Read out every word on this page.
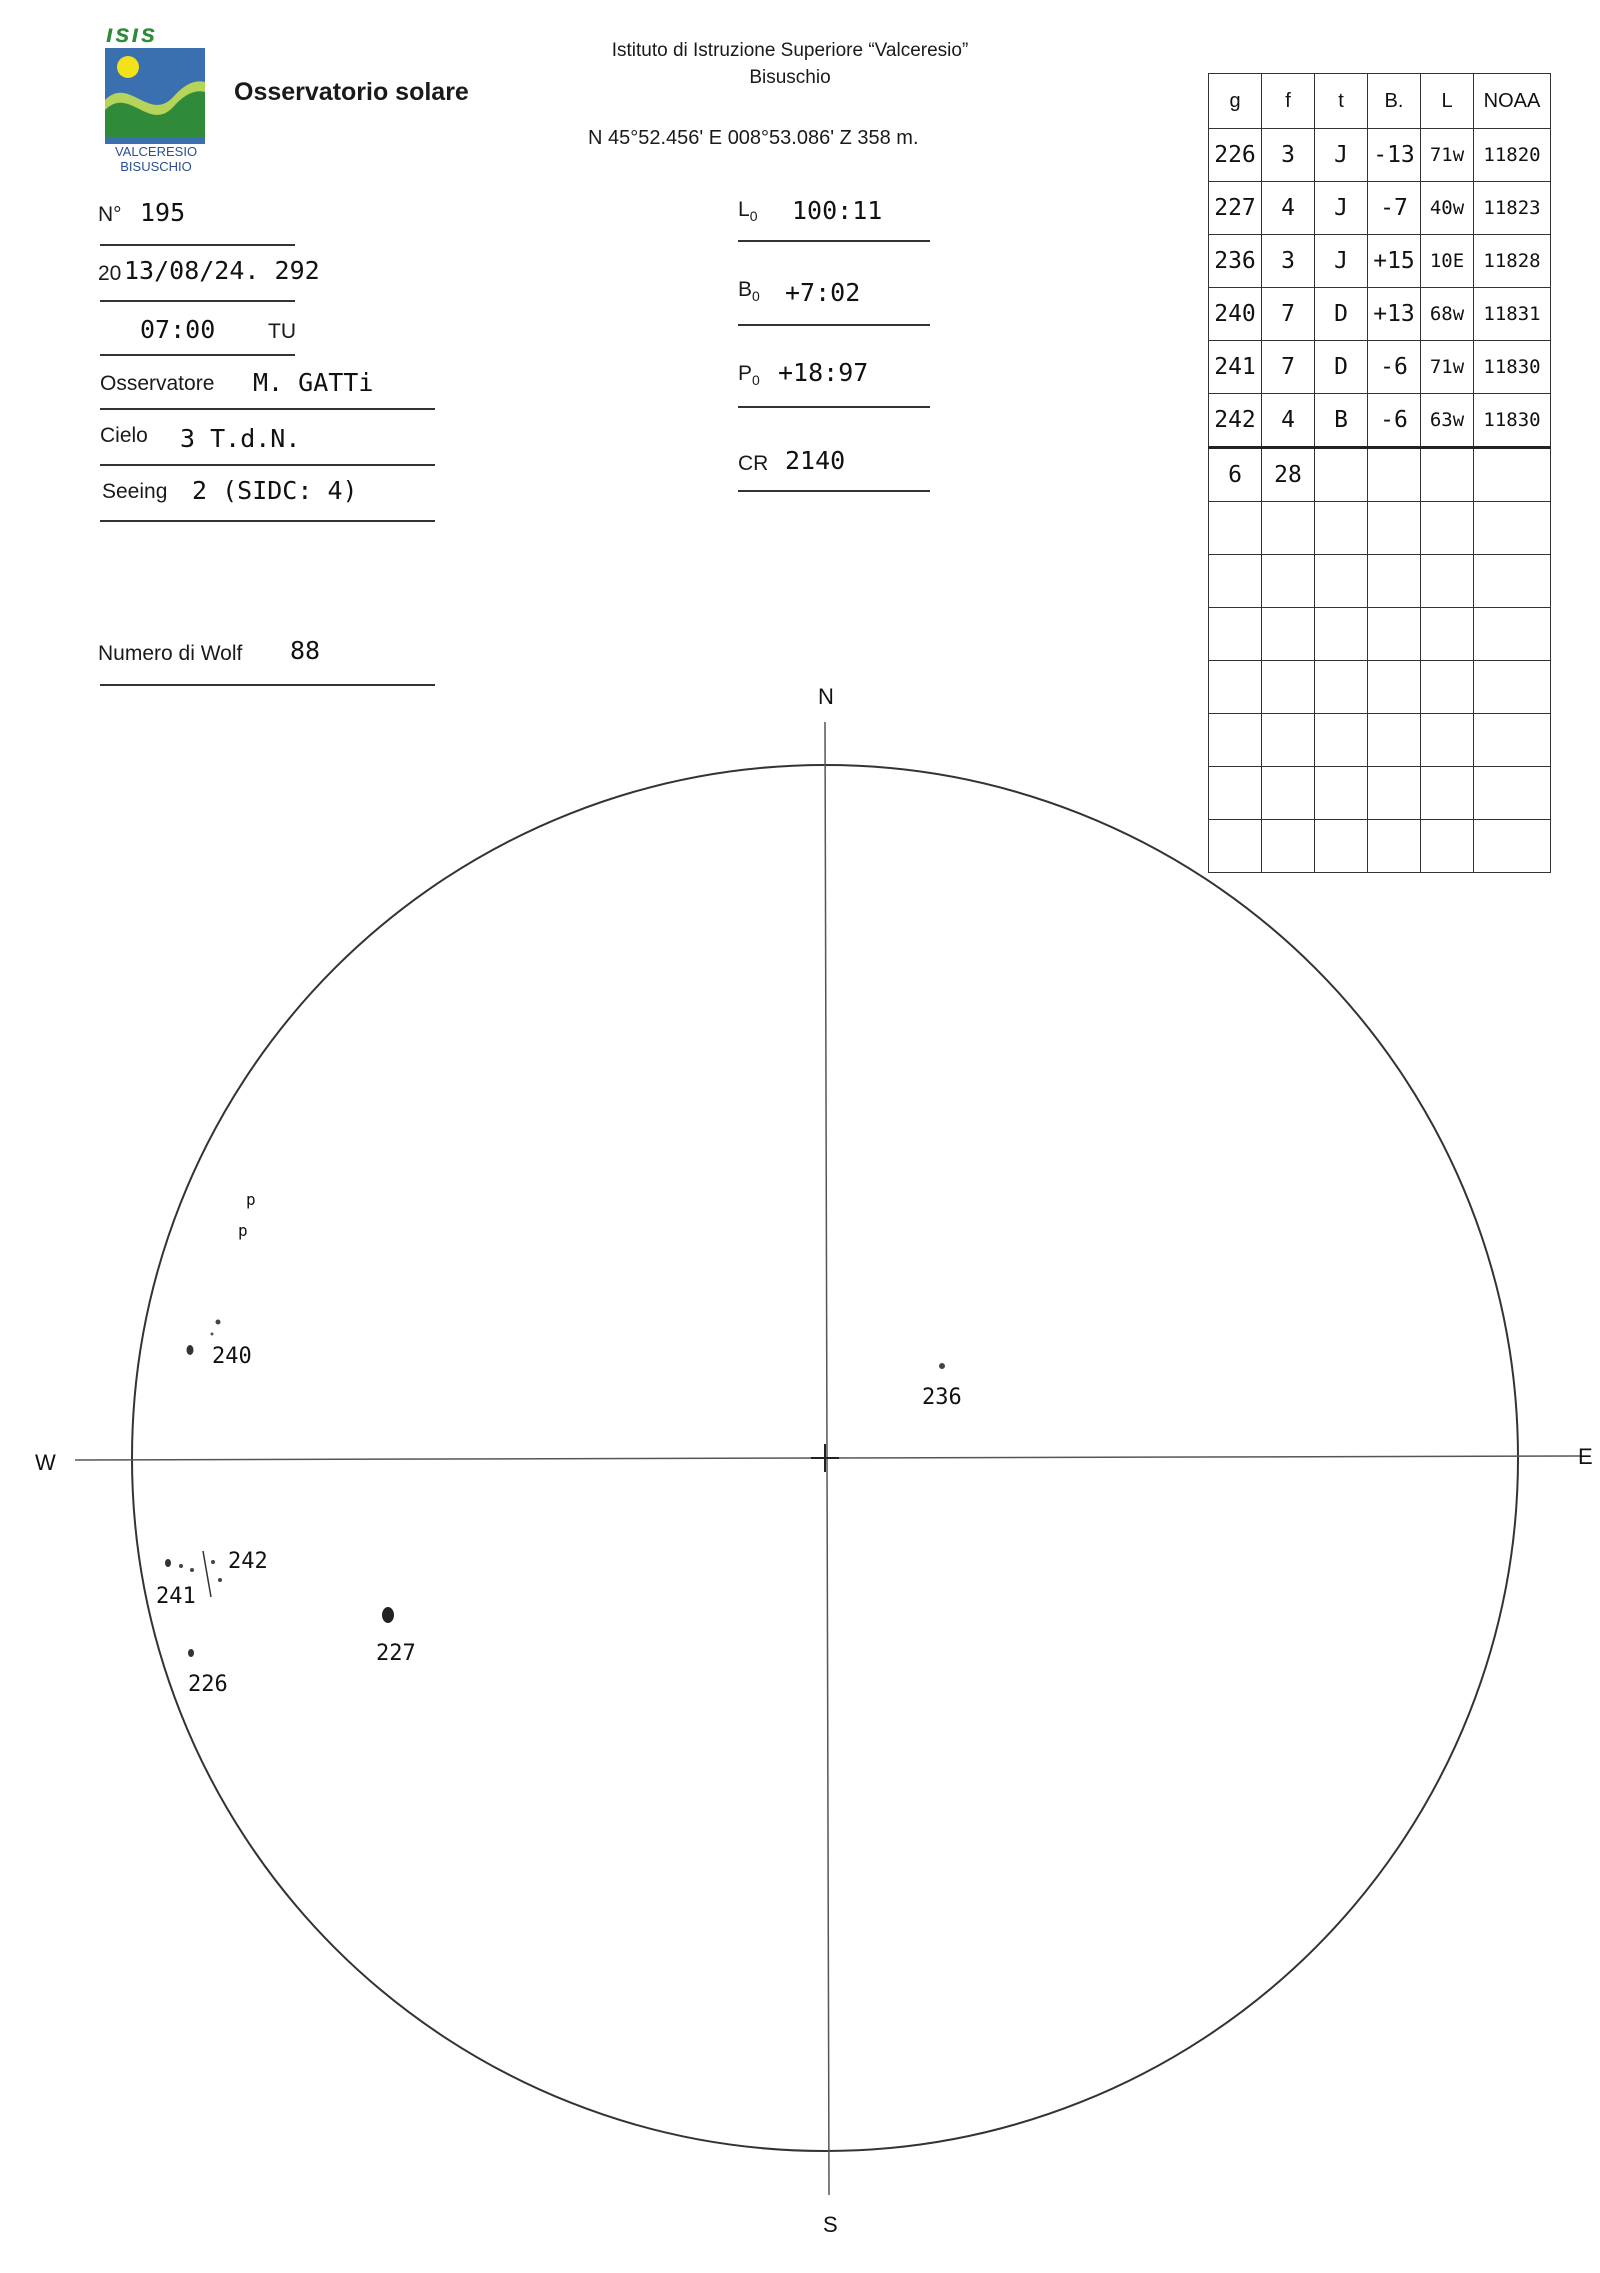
ısıs
VALCERESIO
BISUSCHIO
Osservatorio solare
Istituto di Istruzione Superiore “Valceresio”
Bisuschio
N 45°52.456' E 008°53.086' Z 358 m.
N° 195
20 13/08/24. 292
07:00	TU
Osservatore M. GATTi
Cielo 3 T.d.N.
Seeing 2 (SIDC: 4)
Numero di Wolf 88
$L_0$ 100:11
$B_0$ +7:02
$P_0$ +18:97
CR 2140
g	f	t	B.	L	NOAA
226	3	J	-13	71w	11820
227	4	J	-7	40w	11823
236	3	J	+15	10E	11828
240	7	D	+13	68w	11831
241	7	D	-6	71w	11830
242	4	B	-6	63w	11830
6	28				

N
S
E
W
240
p
p
236
242
241
227
226
